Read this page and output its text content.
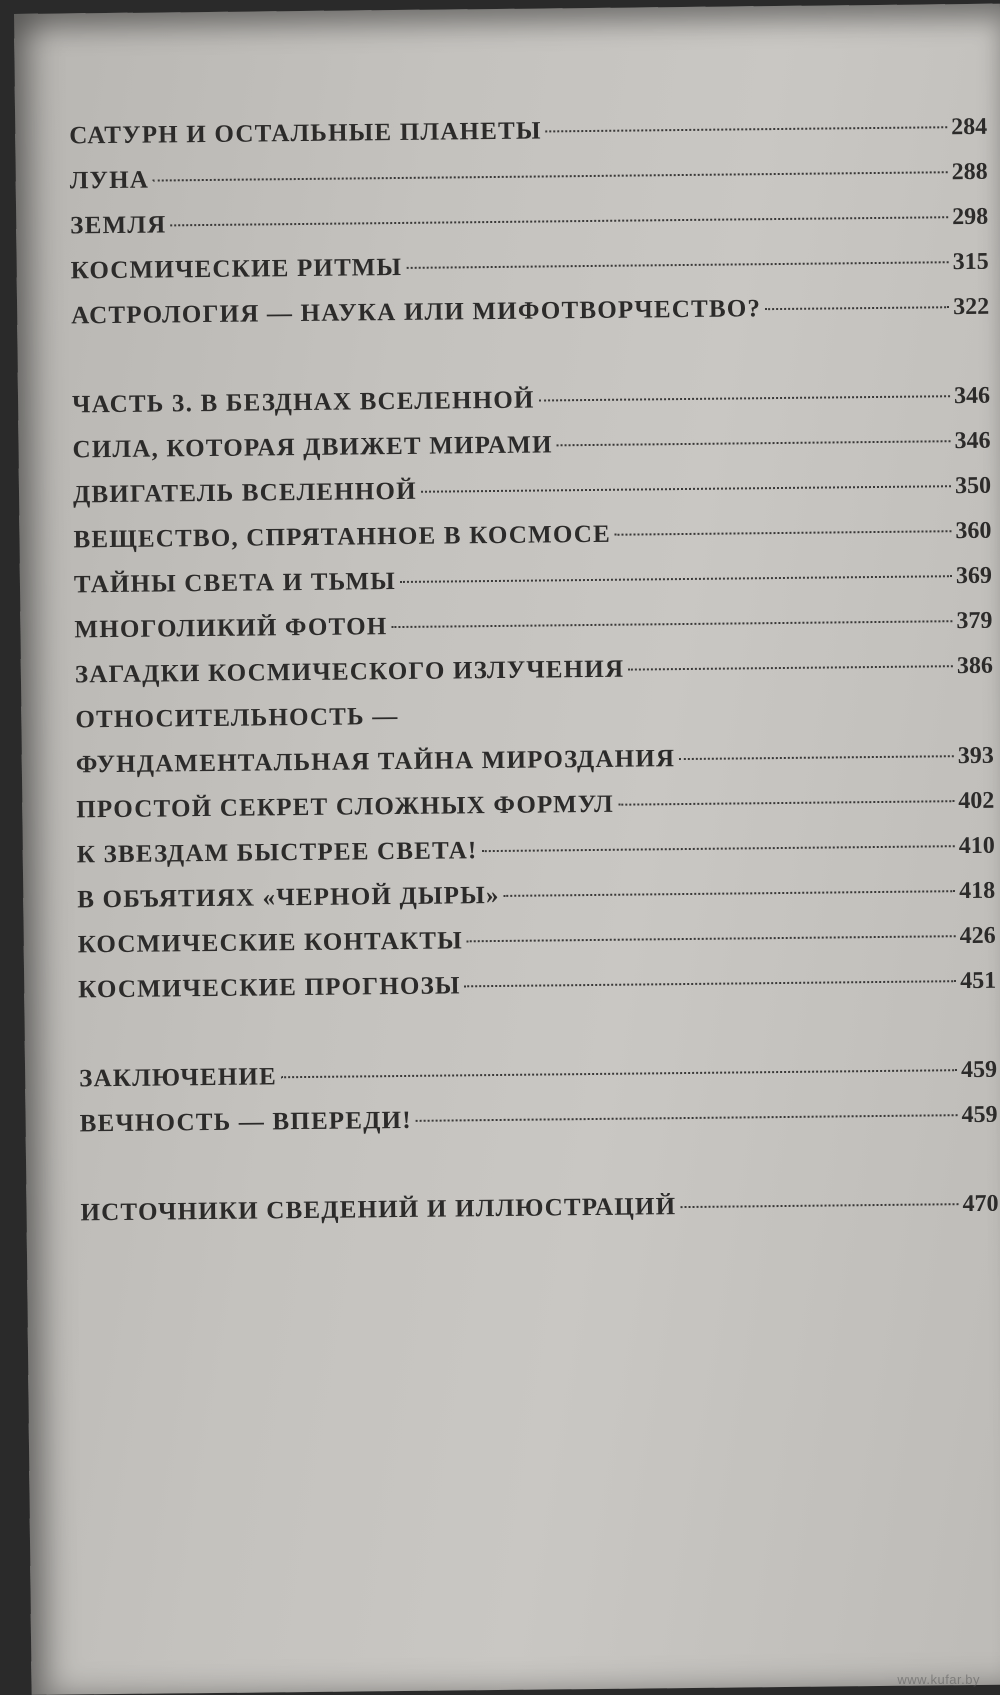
САТУРН И ОСТАЛЬНЫЕ ПЛАНЕТЫ	284
ЛУНА	288
ЗЕМЛЯ	298
КОСМИЧЕСКИЕ РИТМЫ	315
АСТРОЛОГИЯ — НАУКА ИЛИ МИФОТВОРЧЕСТВО?	322
ЧАСТЬ 3. В БЕЗДНАХ ВСЕЛЕННОЙ	346
СИЛА, КОТОРАЯ ДВИЖЕТ МИРАМИ	346
ДВИГАТЕЛЬ ВСЕЛЕННОЙ	350
ВЕЩЕСТВО, СПРЯТАННОЕ В КОСМОСЕ	360
ТАЙНЫ СВЕТА И ТЬМЫ	369
МНОГОЛИКИЙ ФОТОН	379
ЗАГАДКИ КОСМИЧЕСКОГО ИЗЛУЧЕНИЯ	386
ОТНОСИТЕЛЬНОСТЬ —
ФУНДАМЕНТАЛЬНАЯ ТАЙНА МИРОЗДАНИЯ	393
ПРОСТОЙ СЕКРЕТ СЛОЖНЫХ ФОРМУЛ	402
К ЗВЕЗДАМ БЫСТРЕЕ СВЕТА!	410
В ОБЪЯТИЯХ «ЧЕРНОЙ ДЫРЫ»	418
КОСМИЧЕСКИЕ КОНТАКТЫ	426
КОСМИЧЕСКИЕ ПРОГНОЗЫ	451
ЗАКЛЮЧЕНИЕ	459
ВЕЧНОСТЬ — ВПЕРЕДИ!	459
ИСТОЧНИКИ СВЕДЕНИЙ И ИЛЛЮСТРАЦИЙ	470
www.kufar.by
